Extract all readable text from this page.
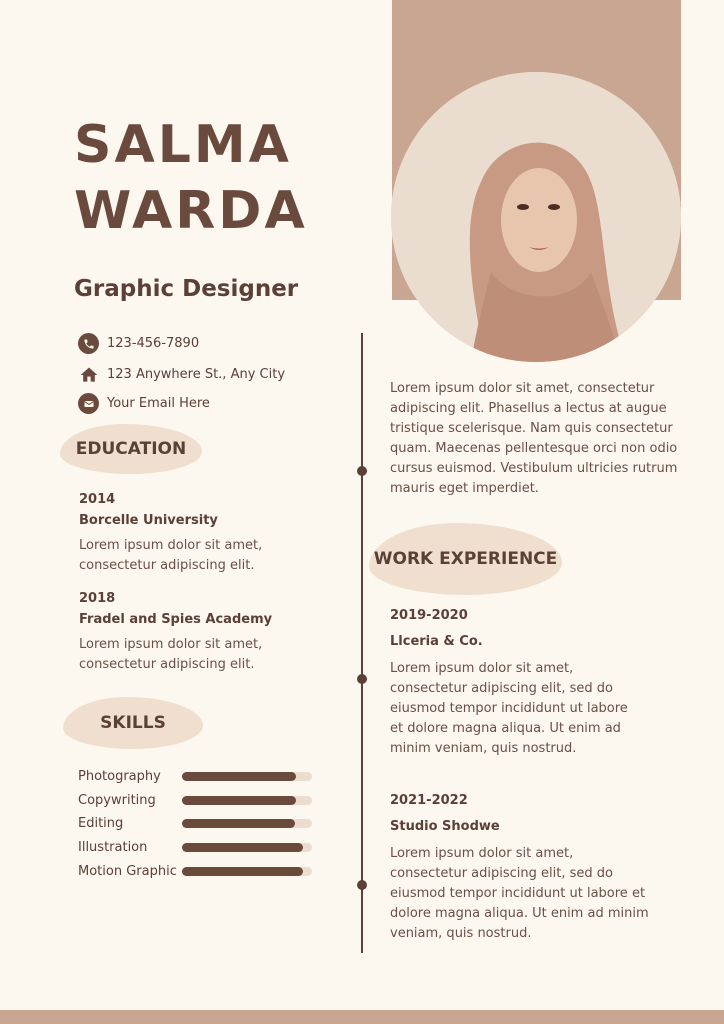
SALMA
WARDA
Graphic Designer
123-456-7890
123 Anywhere St., Any City
Your Email Here
EDUCATION
2014
Borcelle University
Lorem ipsum dolor sit amet,
consectetur adipiscing elit.
2018
Fradel and Spies Academy
Lorem ipsum dolor sit amet,
consectetur adipiscing elit.
SKILLS
Photography
Copywriting
Editing
Illustration
Motion Graphic
Lorem ipsum dolor sit amet, consectetur adipiscing elit. Phasellus a lectus at augue tristique scelerisque. Nam quis consectetur quam. Maecenas pellentesque orci non odio cursus euismod. Vestibulum ultricies rutrum mauris eget imperdiet.
WORK EXPERIENCE
2019-2020
Llceria & Co.
Lorem ipsum dolor sit amet,
consectetur adipiscing elit, sed do
eiusmod tempor incididunt ut labore
et dolore magna aliqua. Ut enim ad
minim veniam, quis nostrud.
2021-2022
Studio Shodwe
Lorem ipsum dolor sit amet,
consectetur adipiscing elit, sed do
eiusmod tempor incididunt ut labore et
dolore magna aliqua. Ut enim ad minim
veniam, quis nostrud.
